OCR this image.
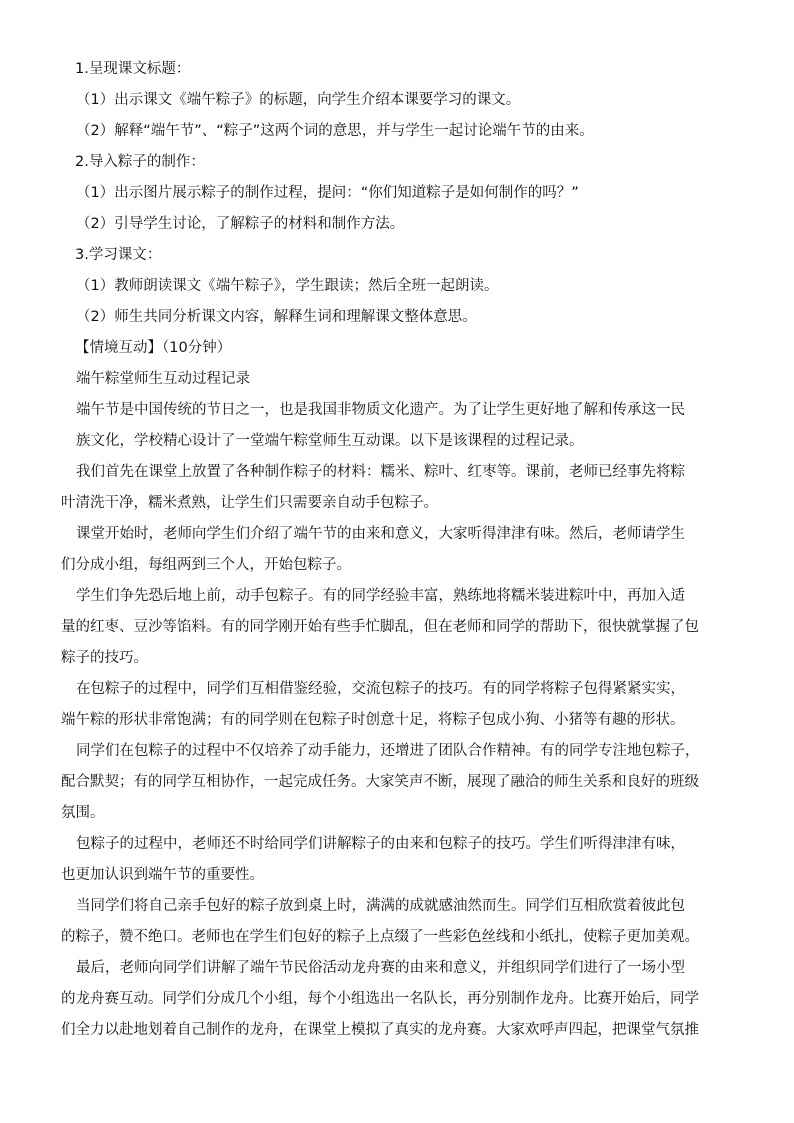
1.呈现课文标题：
（1）出示课文《端午粽子》的标题，向学生介绍本课要学习的课文。
（2）解释“端午节”、“粽子”这两个词的意思，并与学生一起讨论端午节的由来。
2.导入粽子的制作：
（1）出示图片展示粽子的制作过程，提问：“你们知道粽子是如何制作的吗？”
（2）引导学生讨论，了解粽子的材料和制作方法。
3.学习课文：
（1）教师朗读课文《端午粽子》，学生跟读；然后全班一起朗读。
（2）师生共同分析课文内容，解释生词和理解课文整体意思。
【情境互动】（10分钟）
端午粽堂师生互动过程记录
端午节是中国传统的节日之一，也是我国非物质文化遗产。为了让学生更好地了解和传承这一民
族文化，学校精心设计了一堂端午粽堂师生互动课。以下是该课程的过程记录。
我们首先在课堂上放置了各种制作粽子的材料：糯米、粽叶、红枣等。课前，老师已经事先将粽
叶清洗干净，糯米煮熟，让学生们只需要亲自动手包粽子。
课堂开始时，老师向学生们介绍了端午节的由来和意义，大家听得津津有味。然后，老师请学生
们分成小组，每组两到三个人，开始包粽子。
学生们争先恐后地上前，动手包粽子。有的同学经验丰富，熟练地将糯米装进粽叶中，再加入适
量的红枣、豆沙等馅料。有的同学刚开始有些手忙脚乱，但在老师和同学的帮助下，很快就掌握了包
粽子的技巧。
在包粽子的过程中，同学们互相借鉴经验，交流包粽子的技巧。有的同学将粽子包得紧紧实实，
端午粽的形状非常饱满；有的同学则在包粽子时创意十足，将粽子包成小狗、小猪等有趣的形状。
同学们在包粽子的过程中不仅培养了动手能力，还增进了团队合作精神。有的同学专注地包粽子，
配合默契；有的同学互相协作，一起完成任务。大家笑声不断，展现了融洽的师生关系和良好的班级
氛围。
包粽子的过程中，老师还不时给同学们讲解粽子的由来和包粽子的技巧。学生们听得津津有味，
也更加认识到端午节的重要性。
当同学们将自己亲手包好的粽子放到桌上时，满满的成就感油然而生。同学们互相欣赏着彼此包
的粽子，赞不绝口。老师也在学生们包好的粽子上点缀了一些彩色丝线和小纸扎，使粽子更加美观。
最后，老师向同学们讲解了端午节民俗活动龙舟赛的由来和意义，并组织同学们进行了一场小型
的龙舟赛互动。同学们分成几个小组，每个小组选出一名队长，再分别制作龙舟。比赛开始后，同学
们全力以赴地划着自己制作的龙舟，在课堂上模拟了真实的龙舟赛。大家欢呼声四起，把课堂气氛推
